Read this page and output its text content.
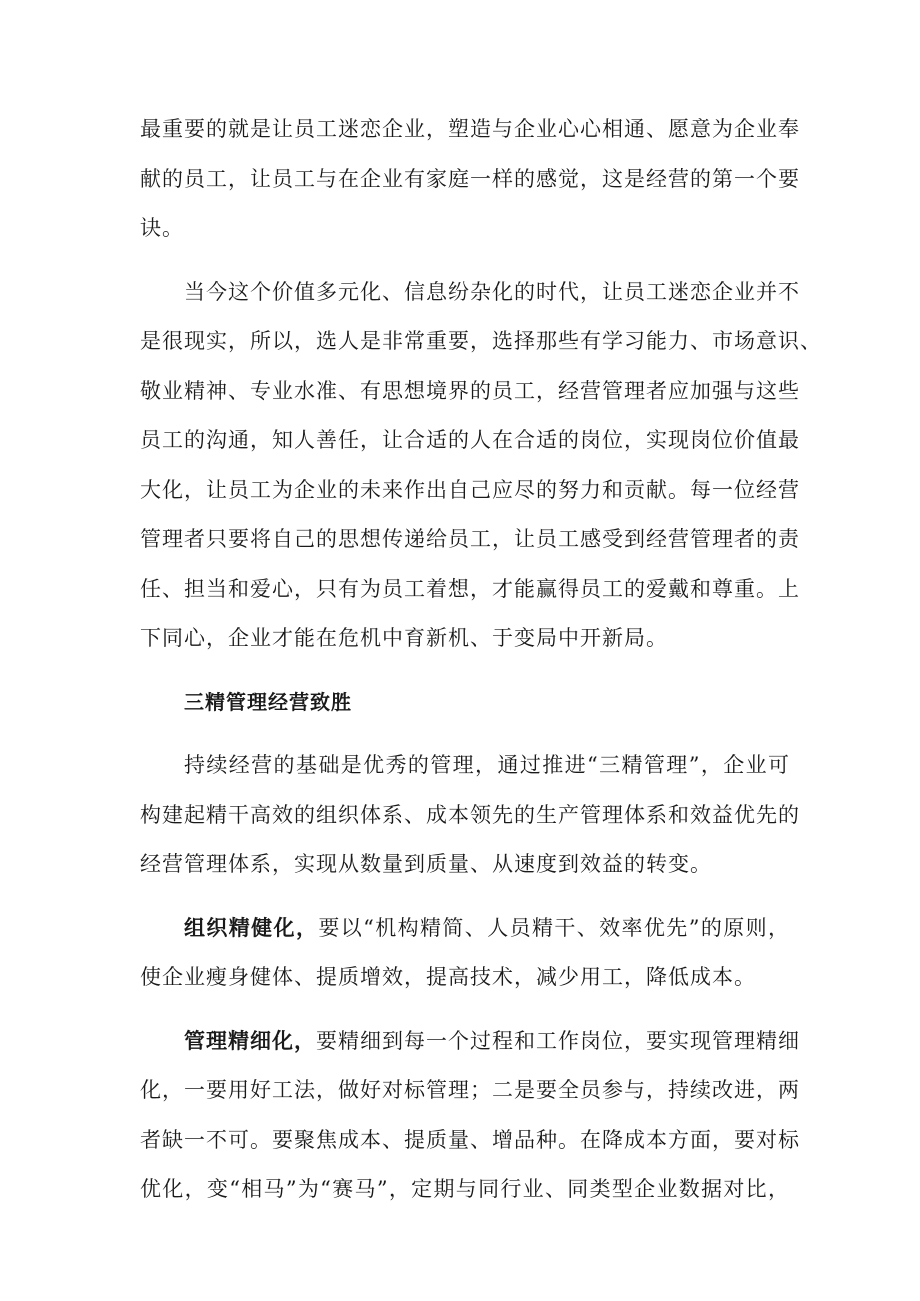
最重要的就是让员工迷恋企业，塑造与企业心心相通、愿意为企业奉
献的员工，让员工与在企业有家庭一样的感觉，这是经营的第一个要
诀。
当今这个价值多元化、信息纷杂化的时代，让员工迷恋企业并不
是很现实，所以，选人是非常重要，选择那些有学习能力、市场意识、
敬业精神、专业水准、有思想境界的员工，经营管理者应加强与这些
员工的沟通，知人善任，让合适的人在合适的岗位，实现岗位价值最
大化，让员工为企业的未来作出自己应尽的努力和贡献。每一位经营
管理者只要将自己的思想传递给员工，让员工感受到经营管理者的责
任、担当和爱心，只有为员工着想，才能赢得员工的爱戴和尊重。上
下同心，企业才能在危机中育新机、于变局中开新局。
三精管理经营致胜
持续经营的基础是优秀的管理，通过推进“三精管理”，企业可
构建起精干高效的组织体系、成本领先的生产管理体系和效益优先的
经营管理体系，实现从数量到质量、从速度到效益的转变。
组织精健化，要以“机构精简、人员精干、效率优先”的原则，
使企业瘦身健体、提质增效，提高技术，减少用工，降低成本。
管理精细化，要精细到每一个过程和工作岗位，要实现管理精细
化，一要用好工法，做好对标管理；二是要全员参与，持续改进，两
者缺一不可。要聚焦成本、提质量、增品种。在降成本方面，要对标
优化，变“相马”为“赛马”，定期与同行业、同类型企业数据对比，
